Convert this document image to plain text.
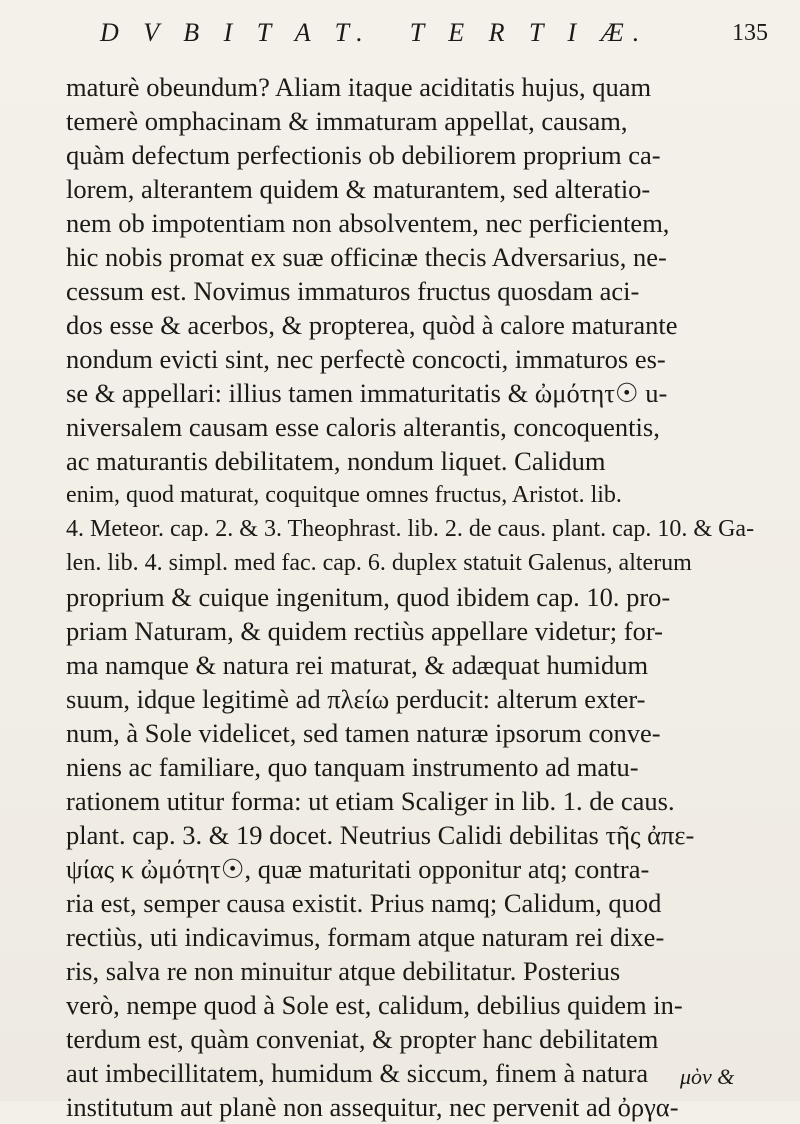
D V B I T A T. T E R T I Æ.	135
maturè obeundum? Aliam itaque aciditatis hujus, quam
temerè omphacinam & immaturam appellat, causam,
quàm defectum perfectionis ob debiliorem proprium ca-
lorem, alterantem quidem & maturantem, sed alteratio-
nem ob impotentiam non absolventem, nec perficientem,
hic nobis promat ex suæ officinæ thecis Adversarius, ne-
cessum est. Novimus immaturos fructus quosdam aci-
dos esse & acerbos, & propterea, quòd à calore maturante
nondum evicti sint, nec perfectè concocti, immaturos es-
se & appellari: illius tamen immaturitatis & ὠμότητ☉ u-
niversalem causam esse caloris alterantis, concoquentis,
ac maturantis debilitatem, nondum liquet. Calidum
enim, quod maturat, coquitque omnes fructus, Aristot. lib.
4. Meteor. cap. 2. & 3. Theophrast. lib. 2. de caus. plant. cap. 10. & Ga-
len. lib. 4. simpl. med fac. cap. 6. duplex statuit Galenus, alterum
proprium & cuique ingenitum, quod ibidem cap. 10. pro-
priam Naturam, & quidem rectiùs appellare videtur; for-
ma namque & natura rei maturat, & adæquat humidum
suum, idque legitimè ad πλείω perducit: alterum exter-
num, à Sole videlicet, sed tamen naturæ ipsorum conve-
niens ac familiare, quo tanquam instrumento ad matu-
rationem utitur forma: ut etiam Scaliger in lib. 1. de caus.
plant. cap. 3. & 19 docet. Neutrius Calidi debilitas τῆς ἀπε-
ψίας κ ὠμότητ☉, quæ maturitati opponitur atq; contra-
ria est, semper causa existit. Prius namq; Calidum, quod
rectiùs, uti indicavimus, formam atque naturam rei dixe-
ris, salva re non minuitur atque debilitatur. Posterius
verò, nempe quod à Sole est, calidum, debilius quidem in-
terdum est, quàm conveniat, & propter hanc debilitatem
aut imbecillitatem, humidum & siccum, finem à natura
institutum aut planè non assequitur, nec pervenit ad ὀργα-
μὸν &
